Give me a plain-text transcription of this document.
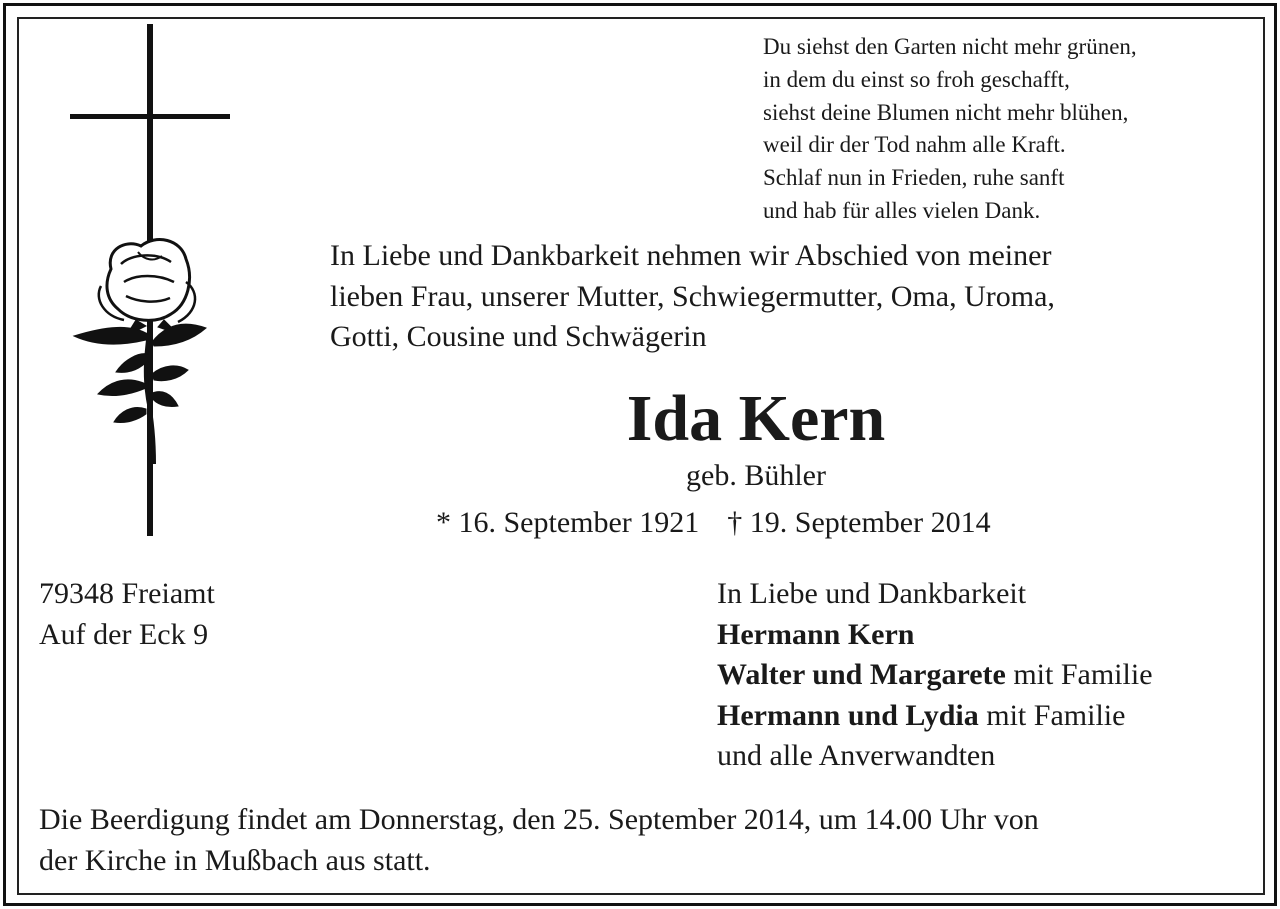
Du siehst den Garten nicht mehr grünen,
in dem du einst so froh geschafft,
siehst deine Blumen nicht mehr blühen,
weil dir der Tod nahm alle Kraft.
Schlaf nun in Frieden, ruhe sanft
und hab für alles vielen Dank.
In Liebe und Dankbarkeit nehmen wir Abschied von meiner
lieben Frau, unserer Mutter, Schwiegermutter, Oma, Uroma,
Gotti, Cousine und Schwägerin
Ida Kern
geb. Bühler
* 16. September 1921 † 19. September 2014
79348 Freiamt
Auf der Eck 9
In Liebe und Dankbarkeit
Hermann Kern
Walter und Margarete mit Familie
Hermann und Lydia mit Familie
und alle Anverwandten
Die Beerdigung findet am Donnerstag, den 25. September 2014, um 14.00 Uhr von
der Kirche in Mußbach aus statt.
